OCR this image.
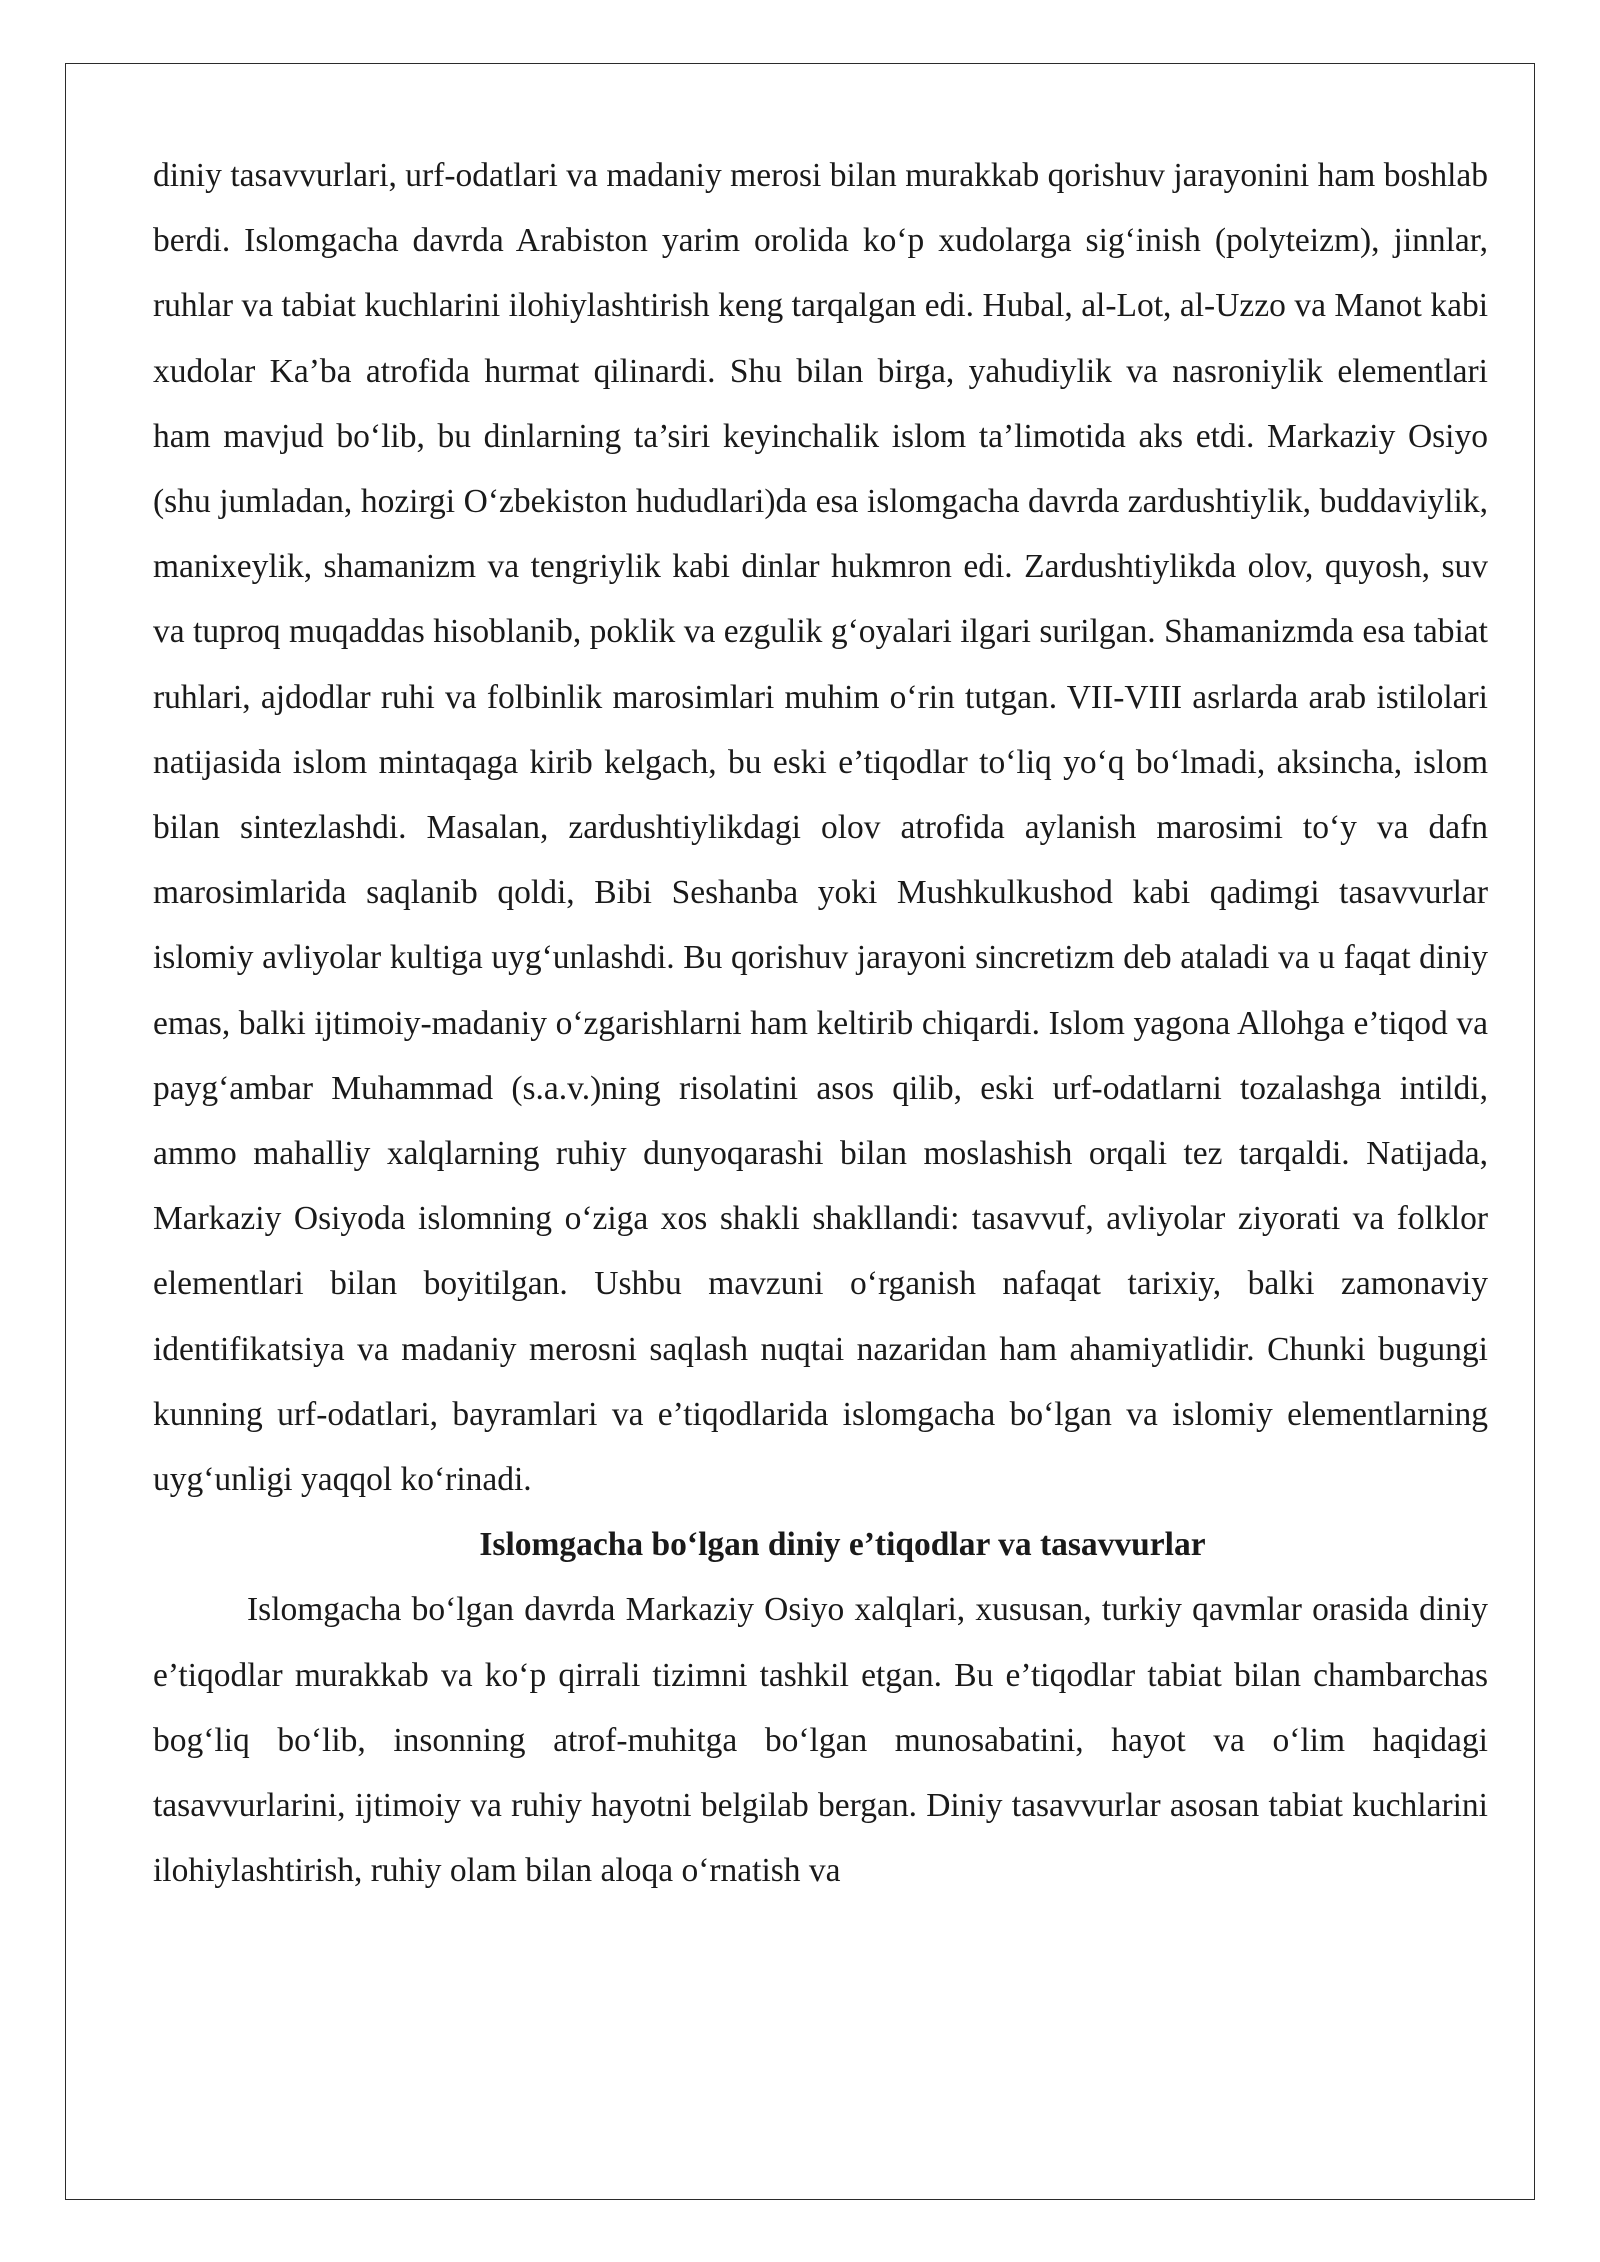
diniy tasavvurlari, urf-odatlari va madaniy merosi bilan murakkab qorishuv jarayonini ham boshlab berdi. Islomgacha davrda Arabiston yarim orolida koʻp xudolarga sigʻinish (polyteizm), jinnlar, ruhlar va tabiat kuchlarini ilohiylashtirish keng tarqalgan edi. Hubal, al-Lot, al-Uzzo va Manot kabi xudolar Ka’ba atrofida hurmat qilinardi. Shu bilan birga, yahudiylik va nasroniylik elementlari ham mavjud boʻlib, bu dinlarning ta’siri keyinchalik islom ta’limotida aks etdi. Markaziy Osiyo (shu jumladan, hozirgi Oʻzbekiston hududlari)da esa islomgacha davrda zardushtiylik, buddaviylik, manixeylik, shamanizm va tengriylik kabi dinlar hukmron edi. Zardushtiylikda olov, quyosh, suv va tuproq muqaddas hisoblanib, poklik va ezgulik gʻoyalari ilgari surilgan. Shamanizmda esa tabiat ruhlari, ajdodlar ruhi va folbinlik marosimlari muhim oʻrin tutgan. VII-VIII asrlarda arab istilolari natijasida islom mintaqaga kirib kelgach, bu eski e’tiqodlar toʻliq yoʻq boʻlmadi, aksincha, islom bilan sintezlashdi. Masalan, zardushtiylikdagi olov atrofida aylanish marosimi toʻy va dafn marosimlarida saqlanib qoldi, Bibi Seshanba yoki Mushkulkushod kabi qadimgi tasavvurlar islomiy avliyolar kultiga uygʻunlashdi. Bu qorishuv jarayoni sincretizm deb ataladi va u faqat diniy emas, balki ijtimoiy-madaniy oʻzgarishlarni ham keltirib chiqardi. Islom yagona Allohga e’tiqod va paygʻambar Muhammad (s.a.v.)ning risolatini asos qilib, eski urf-odatlarni tozalashga intildi, ammo mahalliy xalqlarning ruhiy dunyoqarashi bilan moslashish orqali tez tarqaldi. Natijada, Markaziy Osiyoda islomning oʻziga xos shakli shakllandi: tasavvuf, avliyolar ziyorati va folklor elementlari bilan boyitilgan. Ushbu mavzuni oʻrganish nafaqat tarixiy, balki zamonaviy identifikatsiya va madaniy merosni saqlash nuqtai nazaridan ham ahamiyatlidir. Chunki bugungi kunning urf-odatlari, bayramlari va e’tiqodlarida islomgacha boʻlgan va islomiy elementlarning uygʻunligi yaqqol koʻrinadi.

Islomgacha boʻlgan diniy e’tiqodlar va tasavvurlar

Islomgacha boʻlgan davrda Markaziy Osiyo xalqlari, xususan, turkiy qavmlar orasida diniy e’tiqodlar murakkab va koʻp qirrali tizimni tashkil etgan. Bu e’tiqodlar tabiat bilan chambarchas bogʻliq boʻlib, insonning atrof-muhitga boʻlgan munosabatini, hayot va oʻlim haqidagi tasavvurlarini, ijtimoiy va ruhiy hayotni belgilab bergan. Diniy tasavvurlar asosan tabiat kuchlarini ilohiylashtirish, ruhiy olam bilan aloqa oʻrnatish va
